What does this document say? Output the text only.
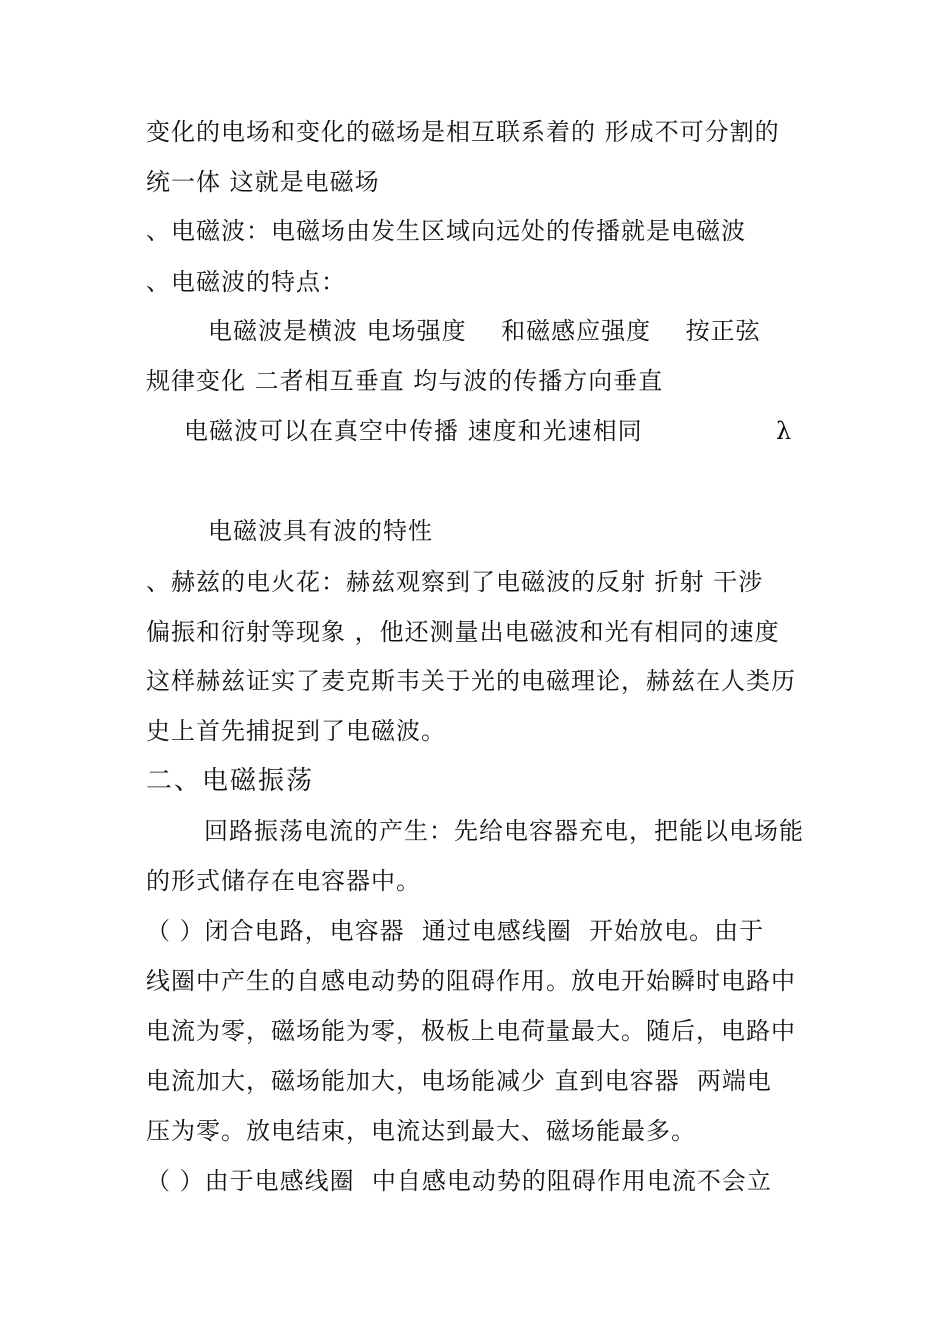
变化的电场和变化的磁场是相互联系着的 形成不可分割的
统一体 这就是电磁场
、电磁波：电磁场由发生区域向远处的传播就是电磁波
、电磁波的特点：
电磁波是横波 电场强度    和磁感应强度    按正弦
规律变化 二者相互垂直 均与波的传播方向垂直
电磁波可以在真空中传播 速度和光速相同	λ
电磁波具有波的特性
、赫兹的电火花：赫兹观察到了电磁波的反射 折射 干涉
偏振和衍射等现象 ，他还测量出电磁波和光有相同的速度
这样赫兹证实了麦克斯韦关于光的电磁理论，赫兹在人类历
史上首先捕捉到了电磁波。
二、电磁振荡
回路振荡电流的产生：先给电容器充电，把能以电场能
的形式储存在电容器中。
（ ）闭合电路，电容器  通过电感线圈  开始放电。由于
线圈中产生的自感电动势的阻碍作用。放电开始瞬时电路中
电流为零，磁场能为零，极板上电荷量最大。随后，电路中
电流加大，磁场能加大，电场能减少 直到电容器  两端电
压为零。放电结束，电流达到最大、磁场能最多。
（ ）由于电感线圈  中自感电动势的阻碍作用电流不会立
